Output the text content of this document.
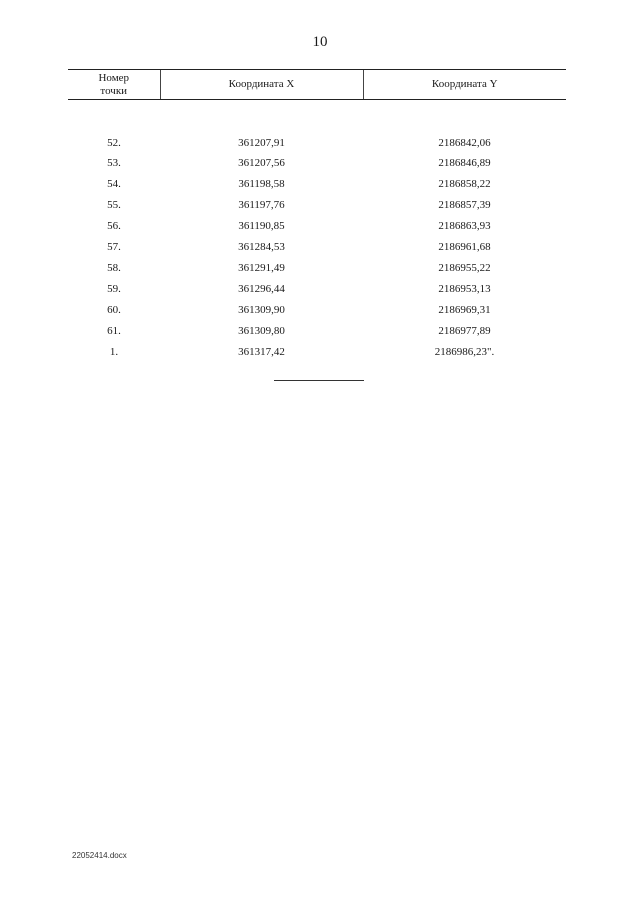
10
Номер
точки	Координата X	Координата Y
52.	361207,91	2186842,06
53.	361207,56	2186846,89
54.	361198,58	2186858,22
55.	361197,76	2186857,39
56.	361190,85	2186863,93
57.	361284,53	2186961,68
58.	361291,49	2186955,22
59.	361296,44	2186953,13
60.	361309,90	2186969,31
61.	361309,80	2186977,89
1.	361317,42	2186986,23".
22052414.docx
